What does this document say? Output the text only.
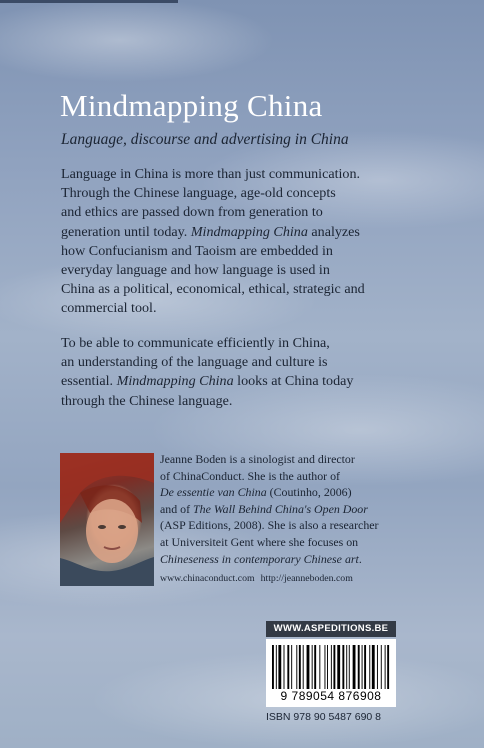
Mindmapping China

Language, discourse and advertising in China

Language in China is more than just communication.
Through the Chinese language, age-old concepts
and ethics are passed down from generation to
generation until today. Mindmapping China analyzes
how Confucianism and Taoism are embedded in
everyday language and how language is used in
China as a political, economical, ethical, strategic and
commercial tool.

To be able to communicate efficiently in China,
an understanding of the language and culture is
essential. Mindmapping China looks at China today
through the Chinese language.

Jeanne Boden is a sinologist and director
of ChinaConduct. She is the author of
De essentie van China (Coutinho, 2006)
and of The Wall Behind China's Open Door
(ASP Editions, 2008). She is also a researcher
at Universiteit Gent where she focuses on
Chineseness in contemporary Chinese art.

www.chinaconduct.com http://jeanneboden.com

WWW.ASPEDITIONS.BE
9 789054 876908
ISBN 978 90 5487 690 8
